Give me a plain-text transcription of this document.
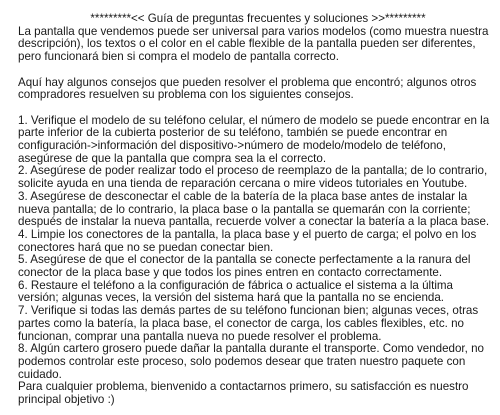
*********<< Guía de preguntas frecuentes y soluciones >>*********

La pantalla que vendemos puede ser universal para varios modelos (como muestra nuestra descripción), los textos o el color en el cable flexible de la pantalla pueden ser diferentes, pero funcionará bien si compra el modelo de pantalla correcto.

Aquí hay algunos consejos que pueden resolver el problema que encontró; algunos otros compradores resuelven su problema con los siguientes consejos.

1. Verifique el modelo de su teléfono celular, el número de modelo se puede encontrar en la parte inferior de la cubierta posterior de su teléfono, también se puede encontrar en configuración->información del dispositivo->número de modelo/modelo de teléfono, asegúrese de que la pantalla que compra sea la el correcto.

2. Asegúrese de poder realizar todo el proceso de reemplazo de la pantalla; de lo contrario, solicite ayuda en una tienda de reparación cercana o mire videos tutoriales en Youtube.

3. Asegúrese de desconectar el cable de la batería de la placa base antes de instalar la nueva pantalla; de lo contrario, la placa base o la pantalla se quemarán con la corriente; después de instalar la nueva pantalla, recuerde volver a conectar la batería a la placa base.

4. Limpie los conectores de la pantalla, la placa base y el puerto de carga; el polvo en los conectores hará que no se puedan conectar bien.

5. Asegúrese de que el conector de la pantalla se conecte perfectamente a la ranura del conector de la placa base y que todos los pines entren en contacto correctamente.

6. Restaure el teléfono a la configuración de fábrica o actualice el sistema a la última versión; algunas veces, la versión del sistema hará que la pantalla no se encienda.

7. Verifique si todas las demás partes de su teléfono funcionan bien; algunas veces, otras partes como la batería, la placa base, el conector de carga, los cables flexibles, etc. no funcionan, comprar una pantalla nueva no puede resolver el problema.

8. Algún cartero grosero puede dañar la pantalla durante el transporte. Como vendedor, no podemos controlar este proceso, solo podemos desear que traten nuestro paquete con cuidado.

Para cualquier problema, bienvenido a contactarnos primero, su satisfacción es nuestro principal objetivo :)
